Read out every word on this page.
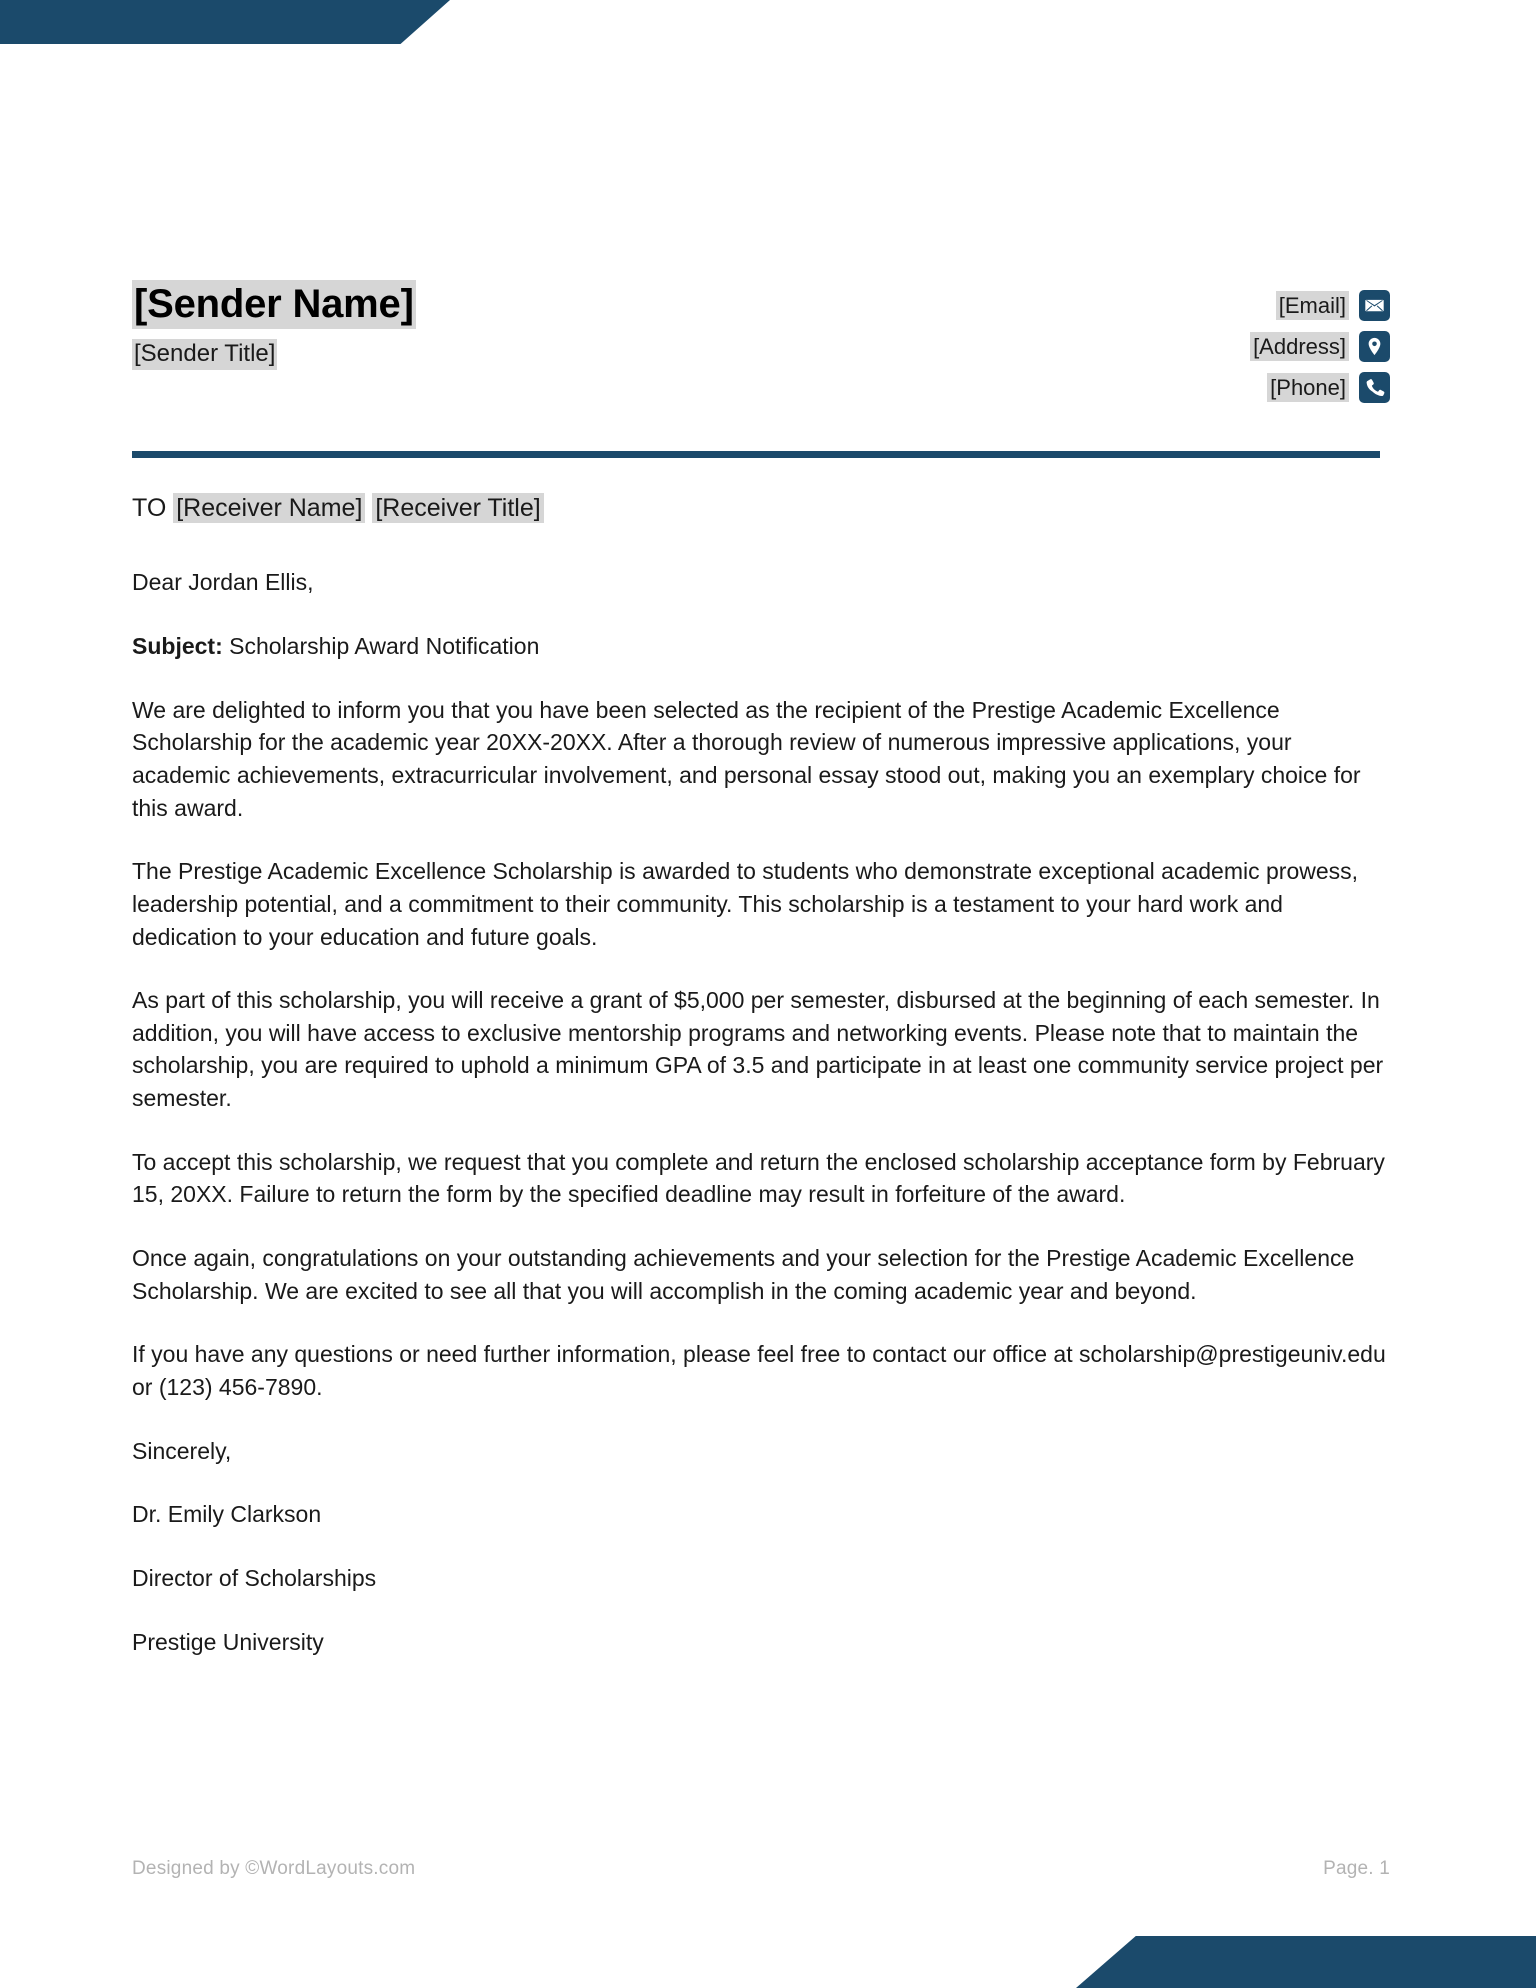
[Sender Name]
[Sender Title]
[Email]
[Address]
[Phone]
TO [Receiver Name] [Receiver Title]

Dear Jordan Ellis,

Subject: Scholarship Award Notification

We are delighted to inform you that you have been selected as the recipient of the Prestige Academic Excellence Scholarship for the academic year 20XX-20XX. After a thorough review of numerous impressive applications, your academic achievements, extracurricular involvement, and personal essay stood out, making you an exemplary choice for this award.

The Prestige Academic Excellence Scholarship is awarded to students who demonstrate exceptional academic prowess, leadership potential, and a commitment to their community. This scholarship is a testament to your hard work and dedication to your education and future goals.

As part of this scholarship, you will receive a grant of $5,000 per semester, disbursed at the beginning of each semester. In addition, you will have access to exclusive mentorship programs and networking events. Please note that to maintain the scholarship, you are required to uphold a minimum GPA of 3.5 and participate in at least one community service project per semester.

To accept this scholarship, we request that you complete and return the enclosed scholarship acceptance form by February 15, 20XX. Failure to return the form by the specified deadline may result in forfeiture of the award.

Once again, congratulations on your outstanding achievements and your selection for the Prestige Academic Excellence Scholarship. We are excited to see all that you will accomplish in the coming academic year and beyond.

If you have any questions or need further information, please feel free to contact our office at scholarship@prestigeuniv.edu or (123) 456-7890.

Sincerely,

Dr. Emily Clarkson

Director of Scholarships

Prestige University

Designed by ©WordLayouts.com	Page. 1
